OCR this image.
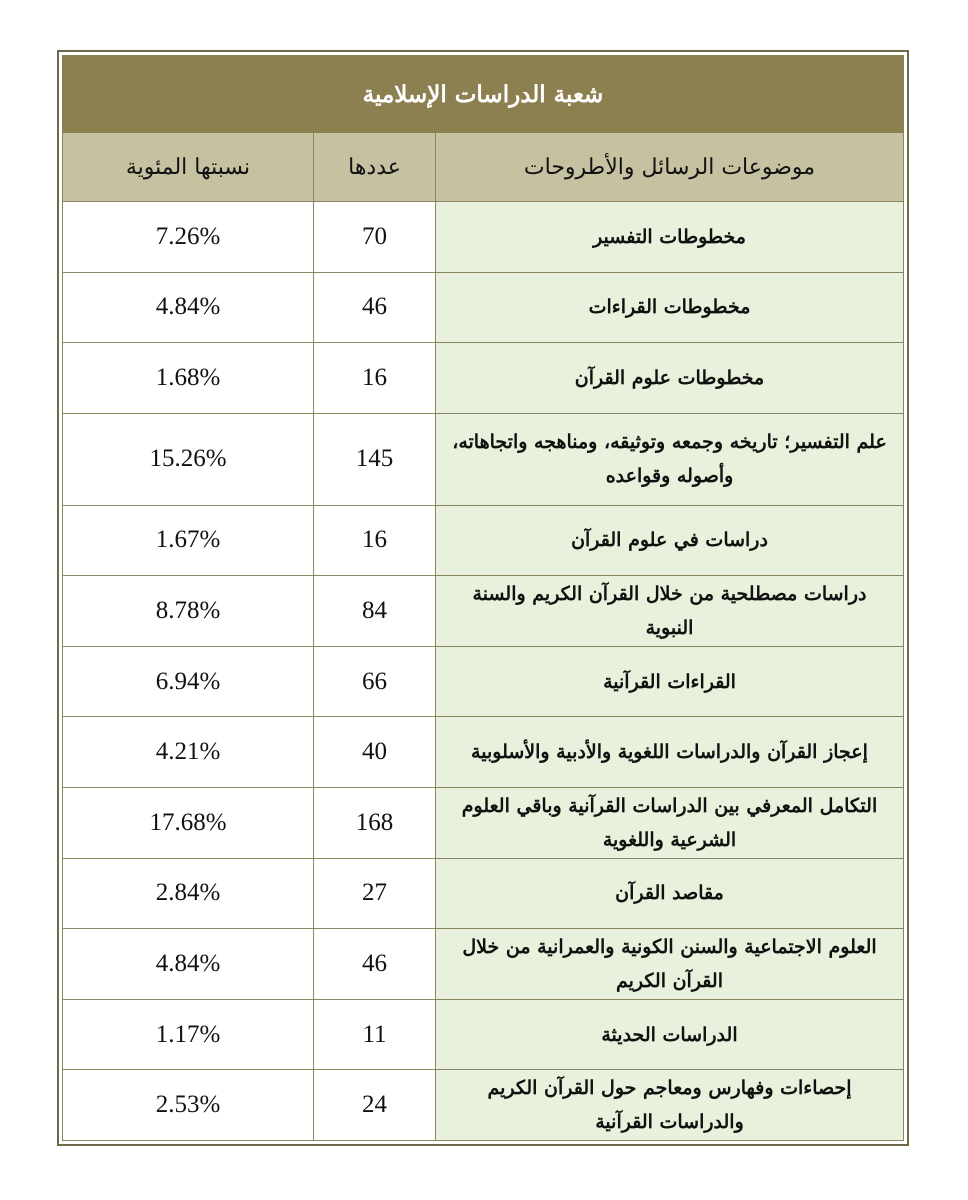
شعبة الدراسات الإسلامية		
موضوعات الرسائل والأطروحات	عددها	نسبتها المئوية
مخطوطات التفسير	70	7.26%
مخطوطات القراءات	46	4.84%
مخطوطات علوم القرآن	16	1.68%
علم التفسير؛ تاريخه وجمعه وتوثيقه، ومناهجه واتجاهاته، وأصوله وقواعده	145	15.26%
دراسات في علوم القرآن	16	1.67%
دراسات مصطلحية من خلال القرآن الكريم والسنة النبوية	84	8.78%
القراءات القرآنية	66	6.94%
إعجاز القرآن والدراسات اللغوية والأدبية والأسلوبية	40	4.21%
التكامل المعرفي بين الدراسات القرآنية وباقي العلوم الشرعية واللغوية	168	17.68%
مقاصد القرآن	27	2.84%
العلوم الاجتماعية والسنن الكونية والعمرانية من خلال القرآن الكريم	46	4.84%
الدراسات الحديثة	11	1.17%
إحصاءات وفهارس ومعاجم حول القرآن الكريم والدراسات القرآنية	24	2.53%
